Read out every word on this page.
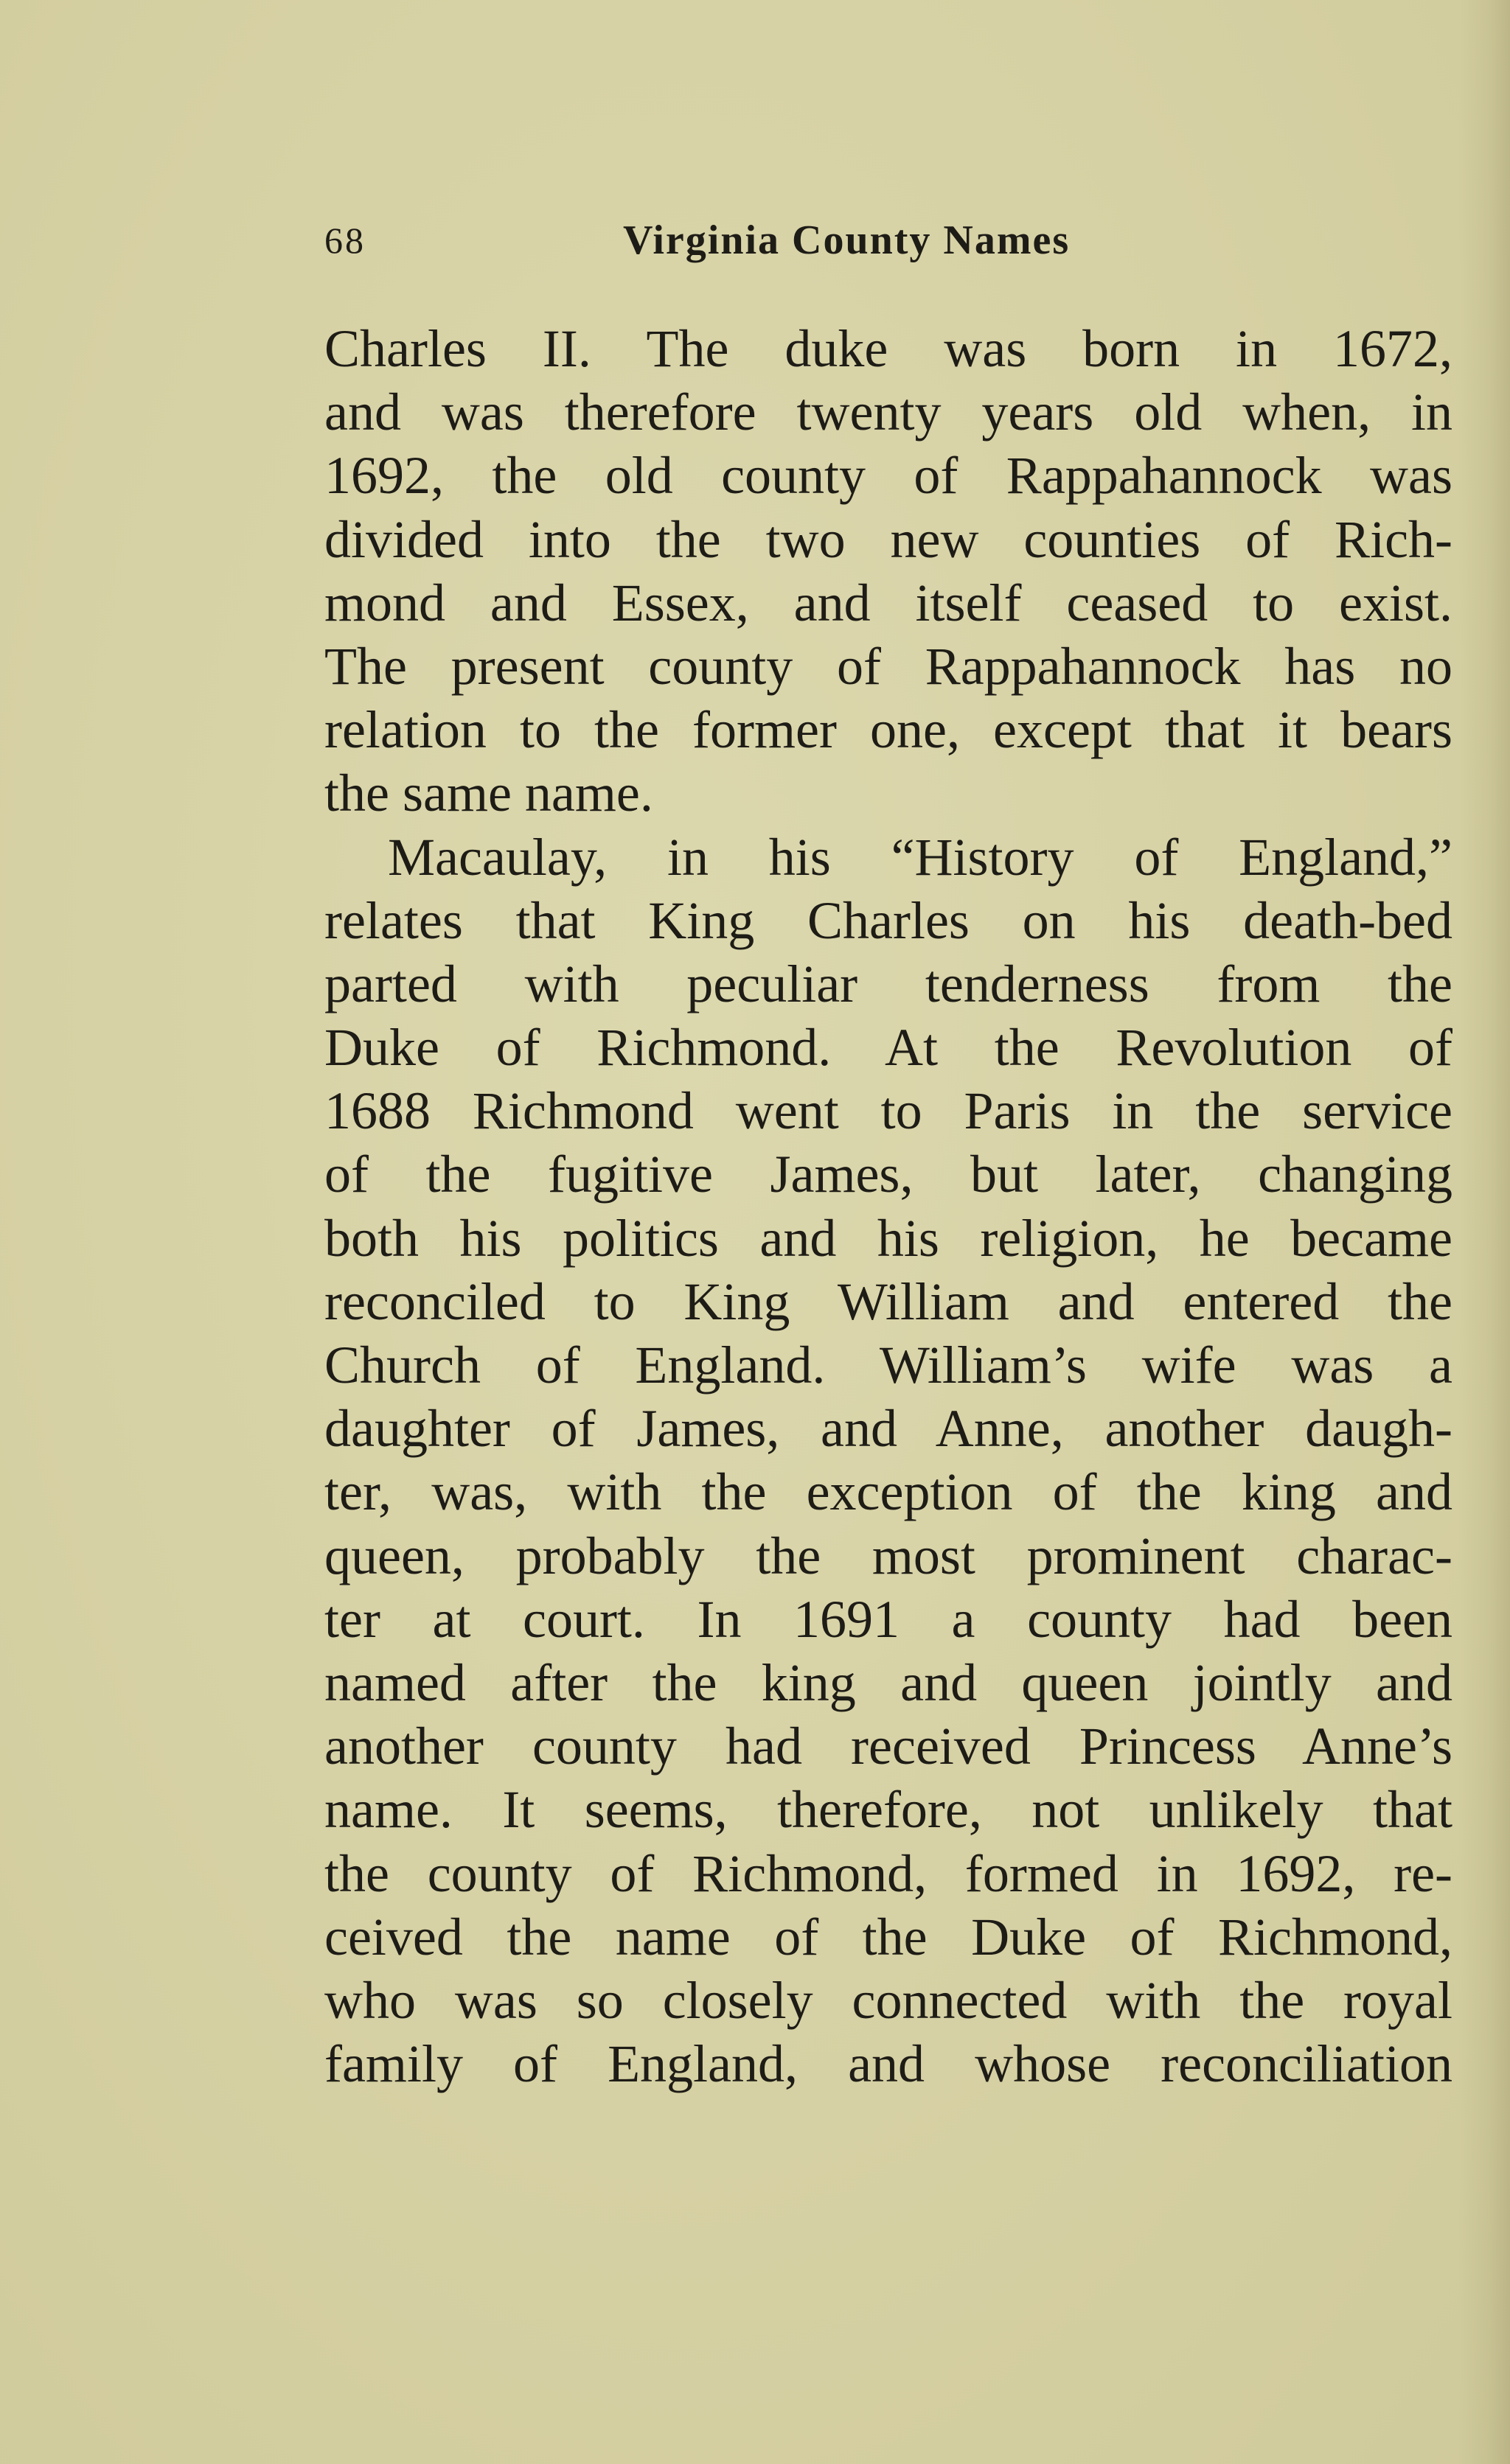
68	Virginia County Names
Charles II. The duke was born in 1672,
and was therefore twenty years old when, in
1692, the old county of Rappahannock was
divided into the two new counties of Rich-
mond and Essex, and itself ceased to exist.
The present county of Rappahannock has no
relation to the former one, except that it bears
the same name.
Macaulay, in his “History of England,”
relates that King Charles on his death-bed
parted with peculiar tenderness from the
Duke of Richmond. At the Revolution of
1688 Richmond went to Paris in the service
of the fugitive James, but later, changing
both his politics and his religion, he became
reconciled to King William and entered the
Church of England. William’s wife was a
daughter of James, and Anne, another daugh-
ter, was, with the exception of the king and
queen, probably the most prominent charac-
ter at court. In 1691 a county had been
named after the king and queen jointly and
another county had received Princess Anne’s
name. It seems, therefore, not unlikely that
the county of Richmond, formed in 1692, re-
ceived the name of the Duke of Richmond,
who was so closely connected with the royal
family of England, and whose reconciliation
